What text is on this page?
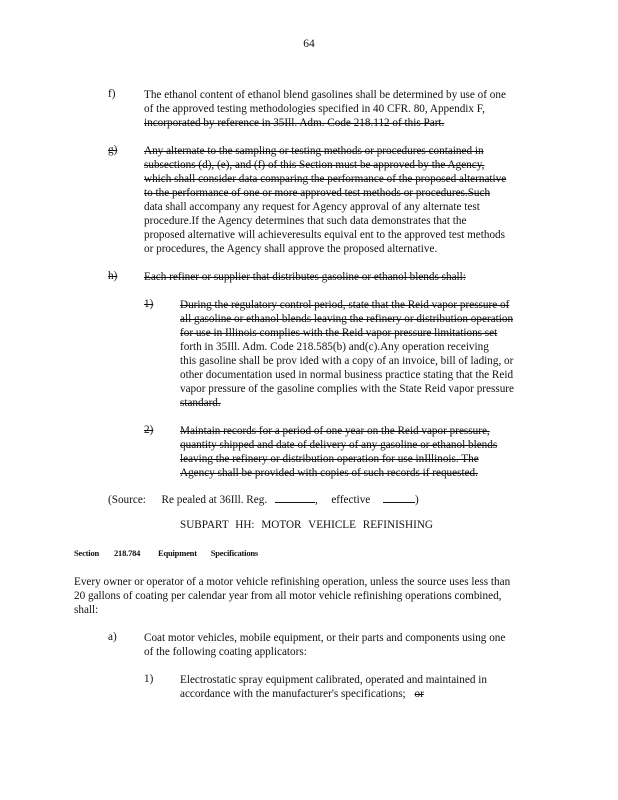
64
f)	The ethanol content of ethanol blend gasolines shall be determined by use of one
of the approved testing methodologies specified in 40 CFR. 80, Appendix F,
incorporated by reference in 35Ill. Adm. Code 218.112 of this Part.
g) Any alternate to the sampling or testing methods or procedures contained in
subsections (d), (e), and (f) of this Section must be approved by the Agency,
which shall consider data comparing the performance of the proposed alternative
to the performance of one or more approved test methods or procedures.Such
data shall accompany any request for Agency approval of any alternate test
procedure.If the Agency determines that such data demonstrates that the
proposed alternative will achieveresults equival ent to the approved test methods
or procedures, the Agency shall approve the proposed alternative.
h) Each refiner or supplier that distributes gasoline or ethanol blends shall:
1) During the regulatory control period, state that the Reid vapor pressure of
all gasoline or ethanol blends leaving the refinery or distribution operation
for use in Illinois complies with the Reid vapor pressure limitations set
forth in 35Ill. Adm. Code 218.585(b) and(c).Any operation receiving
this gasoline shall be prov ided with a copy of an invoice, bill of lading, or
other documentation used in normal business practice stating that the Reid
vapor pressure of the gasoline complies with the State Reid vapor pressure
standard.
2) Maintain records for a period of one year on the Reid vapor pressure,
quantity shipped and date of delivery of any gasoline or ethanol blends
leaving the refinery or distribution operation for use inIllinois. The
Agency shall be provided with copies of such records if requested.
(Source: Re pealed at 36Ill. Reg.	, effective	)
SUBPART HH: MOTOR VEHICLE REFINISHING
Section 218.784 Equipment Specifications
Every owner or operator of a motor vehicle refinishing operation, unless the source uses less than
20 gallons of coating per calendar year from all motor vehicle refinishing operations combined,
shall:
a) Coat motor vehicles, mobile equipment, or their parts and components using one
of the following coating applicators:
1) Electrostatic spray equipment calibrated, operated and maintained in
accordance with the manufacturer's specifications; or
